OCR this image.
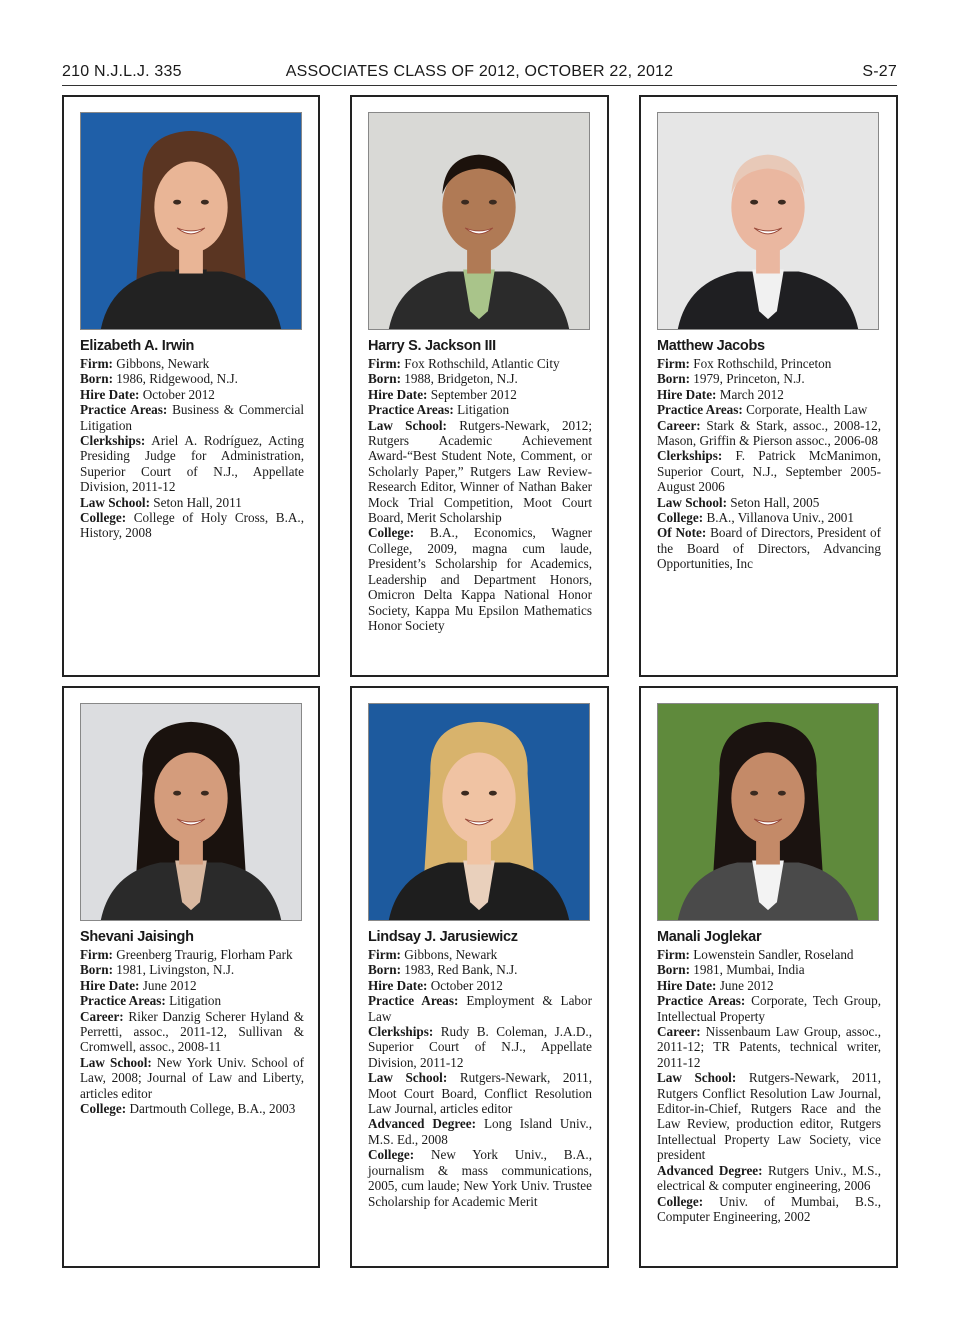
210 N.J.L.J. 335	ASSOCIATES CLASS OF 2012, OCTOBER 22, 2012	S-27
Elizabeth A. Irwin
Firm: Gibbons, Newark
Born: 1986, Ridgewood, N.J.
Hire Date: October 2012
Practice Areas: Business & Commercial Litigation
Clerkships: Ariel A. Rodríguez, Acting Presiding Judge for Administration, Superior Court of N.J., Appellate Division, 2011-12
Law School: Seton Hall, 2011
College: College of Holy Cross, B.A., History, 2008
Harry S. Jackson III
Firm: Fox Rothschild, Atlantic City
Born: 1988, Bridgeton, N.J.
Hire Date: September 2012
Practice Areas: Litigation
Law School: Rutgers-Newark, 2012; Rutgers Academic Achievement Award-“Best Student Note, Comment, or Scholarly Paper,” Rutgers Law Review-Research Editor, Winner of Nathan Baker Mock Trial Competition, Moot Court Board, Merit Scholarship
College: B.A., Economics, Wagner College, 2009, magna cum laude, President’s Scholarship for Academics, Leadership and Department Honors, Omicron Delta Kappa National Honor Society, Kappa Mu Epsilon Mathematics Honor Society
Matthew Jacobs
Firm: Fox Rothschild, Princeton
Born: 1979, Princeton, N.J.
Hire Date: March 2012
Practice Areas: Corporate, Health Law
Career: Stark & Stark, assoc., 2008-12, Mason, Griffin & Pierson assoc., 2006-08
Clerkships: F. Patrick McManimon, Superior Court, N.J., September 2005-August 2006
Law School: Seton Hall, 2005
College: B.A., Villanova Univ., 2001
Of Note: Board of Directors, President of the Board of Directors, Advancing Opportunities, Inc
Shevani Jaisingh
Firm: Greenberg Traurig, Florham Park
Born: 1981, Livingston, N.J.
Hire Date: June 2012
Practice Areas: Litigation
Career: Riker Danzig Scherer Hyland & Perretti, assoc., 2011-12, Sullivan & Cromwell, assoc., 2008-11
Law School: New York Univ. School of Law, 2008; Journal of Law and Liberty, articles editor
College: Dartmouth College, B.A., 2003
Lindsay J. Jarusiewicz
Firm: Gibbons, Newark
Born: 1983, Red Bank, N.J.
Hire Date: October 2012
Practice Areas: Employment & Labor Law
Clerkships: Rudy B. Coleman, J.A.D., Superior Court of N.J., Appellate Division, 2011-12
Law School: Rutgers-Newark, 2011, Moot Court Board, Conflict Resolution Law Journal, articles editor
Advanced Degree: Long Island Univ., M.S. Ed., 2008
College: New York Univ., B.A., journalism & mass communications, 2005, cum laude; New York Univ. Trustee Scholarship for Academic Merit
Manali Joglekar
Firm: Lowenstein Sandler, Roseland
Born: 1981, Mumbai, India
Hire Date: June 2012
Practice Areas: Corporate, Tech Group, Intellectual Property
Career: Nissenbaum Law Group, assoc., 2011-12; TR Patents, technical writer, 2011-12
Law School: Rutgers-Newark, 2011, Rutgers Conflict Resolution Law Journal, Editor-in-Chief, Rutgers Race and the Law Review, production editor, Rutgers Intellectual Property Law Society, vice president
Advanced Degree: Rutgers Univ., M.S., electrical & computer engineering, 2006
College: Univ. of Mumbai, B.S., Computer Engineering, 2002
